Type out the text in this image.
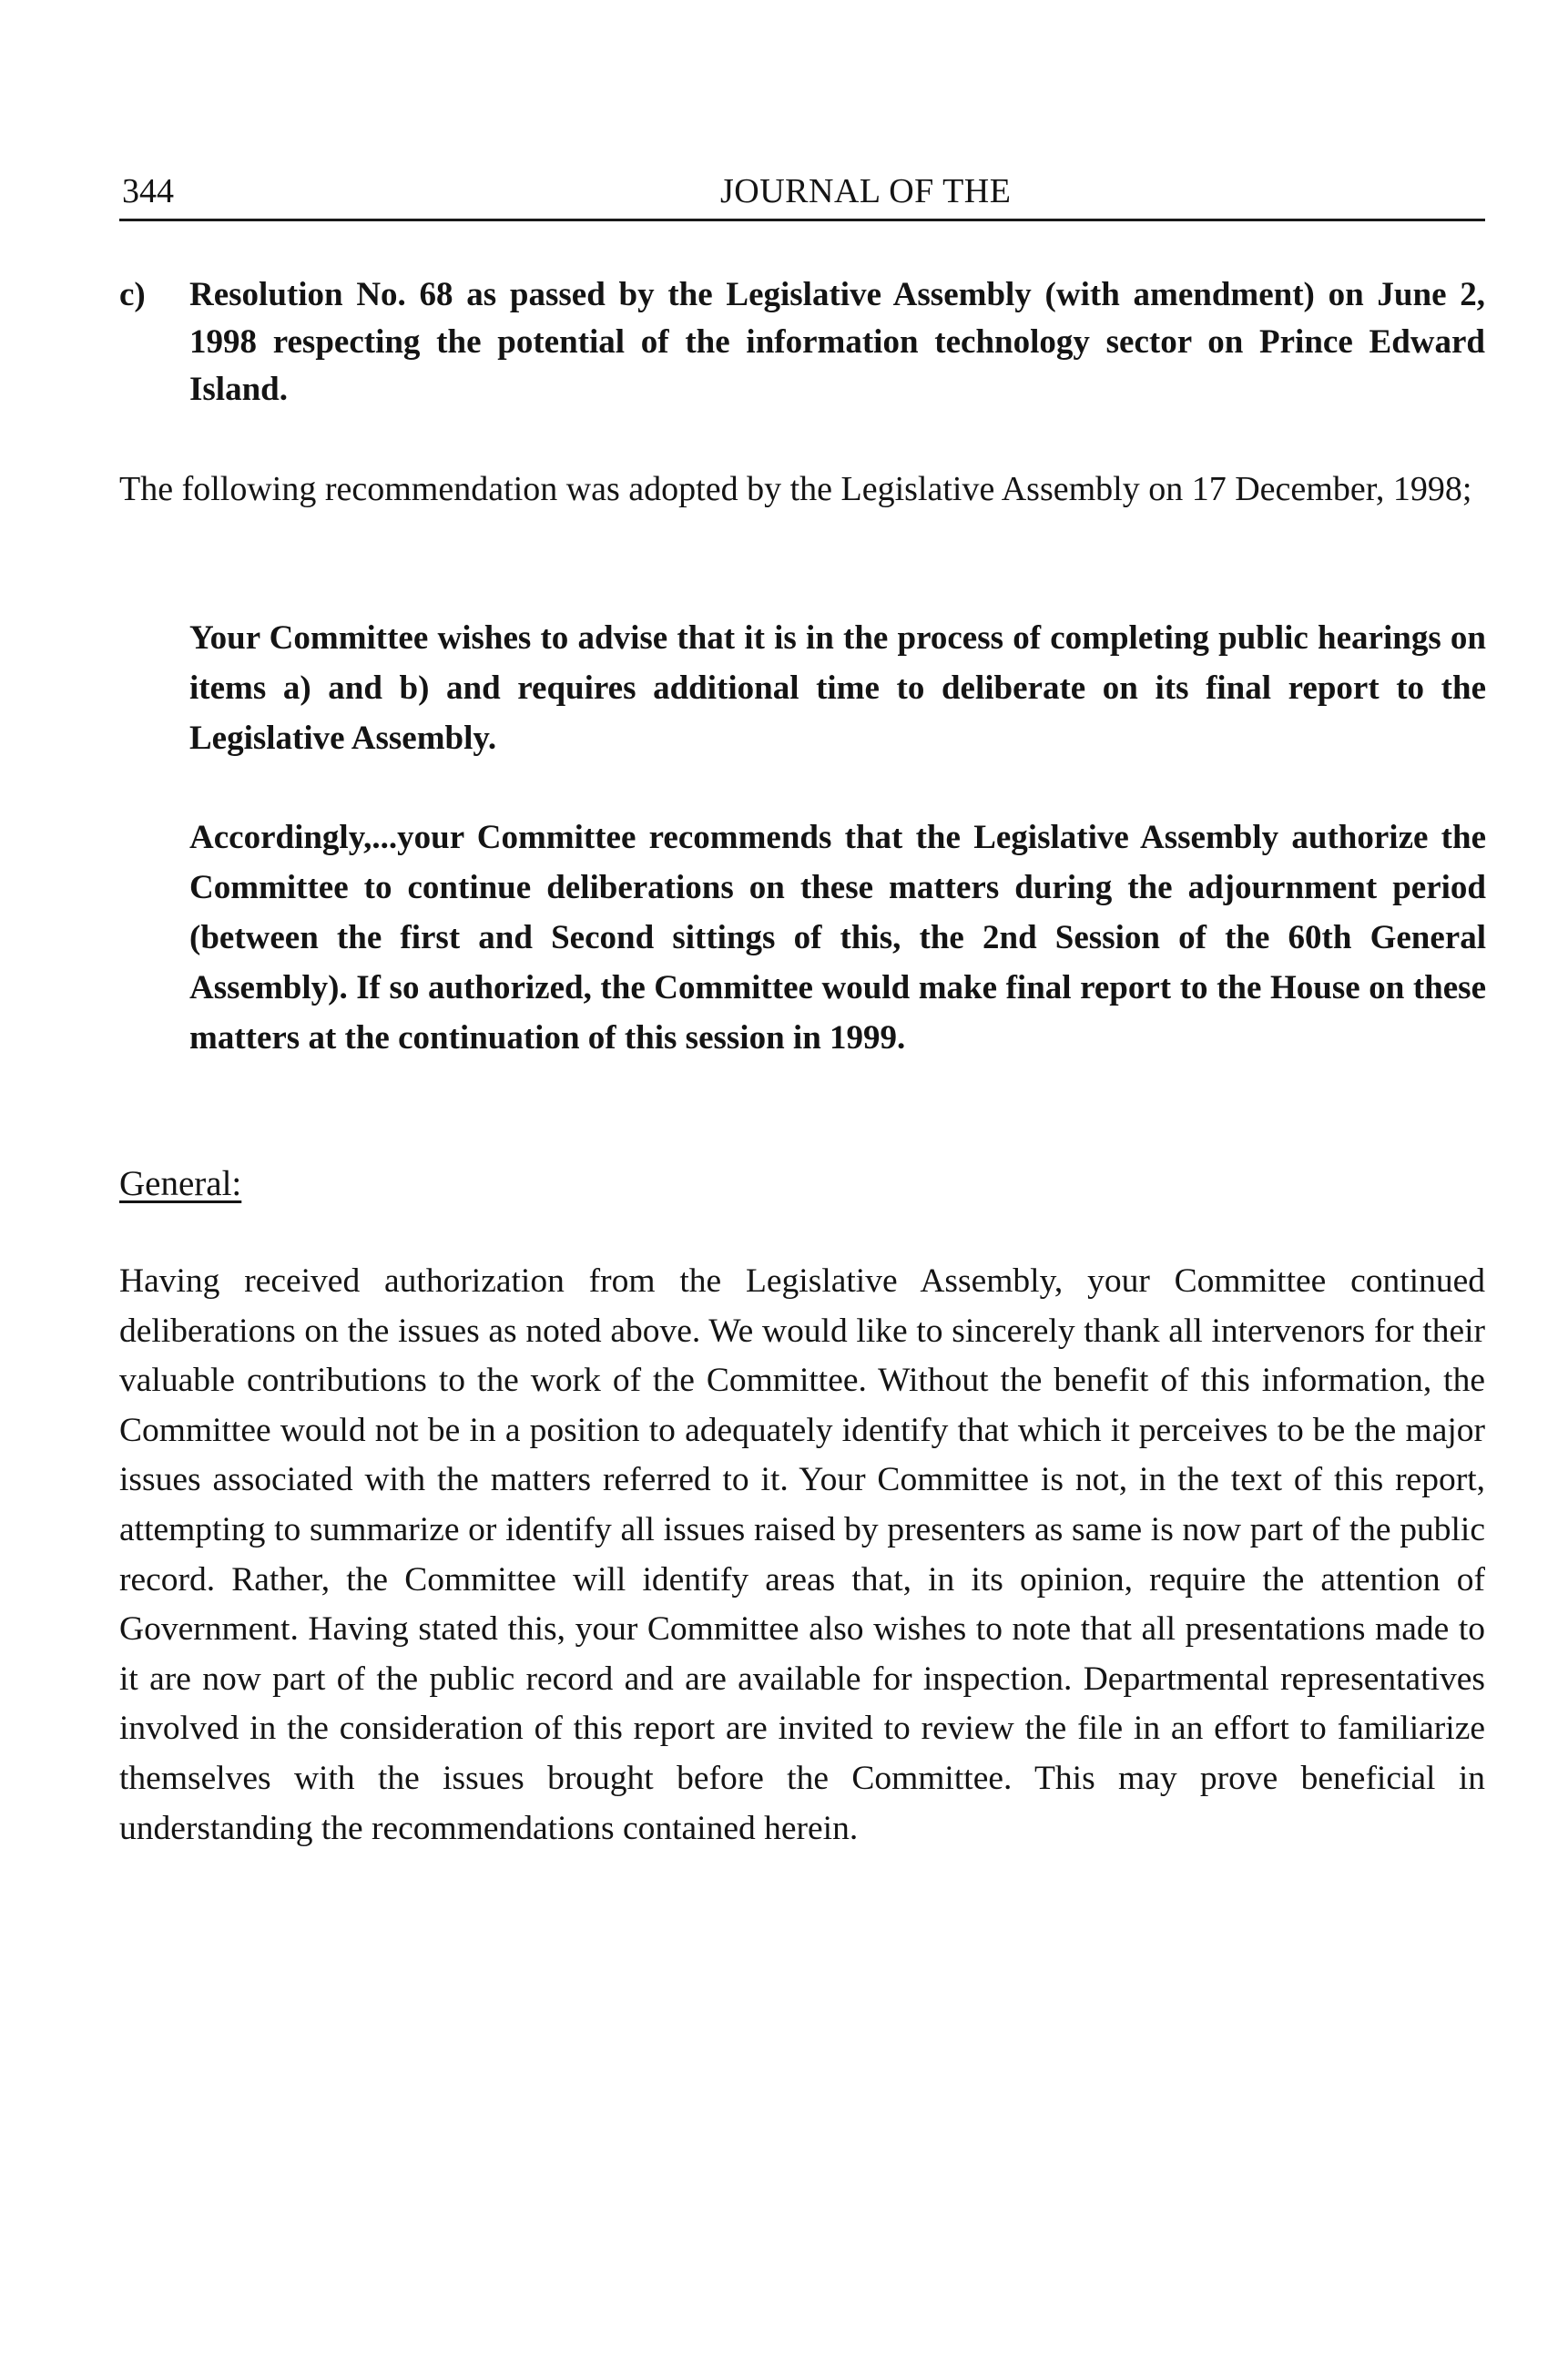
344	JOURNAL OF THE
c) Resolution No. 68 as passed by the Legislative Assembly (with amendment) on June 2, 1998 respecting the potential of the information technology sector on Prince Edward Island.

The following recommendation was adopted by the Legislative Assembly on 17 December, 1998;

Your Committee wishes to advise that it is in the process of completing public hearings on items a) and b) and requires additional time to deliberate on its final report to the Legislative Assembly.

Accordingly,...your Committee recommends that the Legislative Assembly authorize the Committee to continue deliberations on these matters during the adjournment period (between the first and Second sittings of this, the 2nd Session of the 60th General Assembly). If so authorized, the Committee would make final report to the House on these matters at the continuation of this session in 1999.

General:

Having received authorization from the Legislative Assembly, your Committee continued deliberations on the issues as noted above. We would like to sincerely thank all intervenors for their valuable contributions to the work of the Committee. Without the benefit of this information, the Committee would not be in a position to adequately identify that which it perceives to be the major issues associated with the matters referred to it. Your Committee is not, in the text of this report, attempting to summarize or identify all issues raised by presenters as same is now part of the public record. Rather, the Committee will identify areas that, in its opinion, require the attention of Government. Having stated this, your Committee also wishes to note that all presentations made to it are now part of the public record and are available for inspection. Departmental representatives involved in the consideration of this report are invited to review the file in an effort to familiarize themselves with the issues brought before the Committee. This may prove beneficial in understanding the recommendations contained herein.
